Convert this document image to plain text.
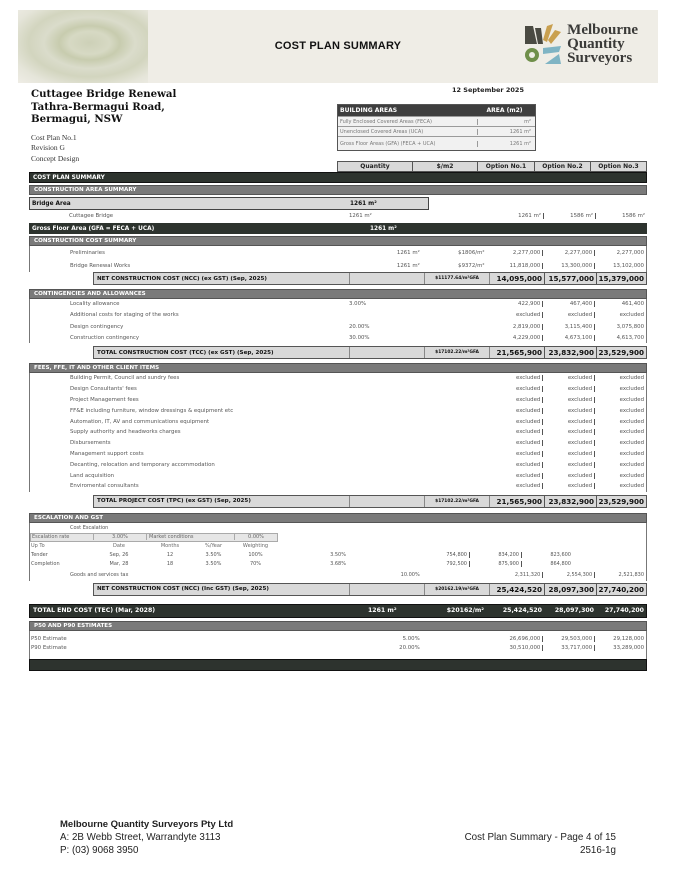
COST PLAN SUMMARY
Melbourne
Quantity
Surveyors
Cuttagee Bridge Renewal
Tathra-Bermagui Road,
Bermagui, NSW
Cost Plan No.1
Revision G
Concept Design
12 September 2025
BUILDING AREAS	AREA (m2)
Fully Enclosed Covered Areas (FECA)	m²
Unenclosed Covered Areas (UCA)	1261 m²
Gross Floor Areas (GFA) (FECA + UCA)	1261 m²
Quantity	$/m2	Option No.1	Option No.2	Option No.3
COST PLAN SUMMARY
CONSTRUCTION AREA SUMMARY
Bridge Area	1261 m²
Cuttagee Bridge	1261 m²	1261 m²	1586 m²	1586 m²
Gross Floor Area (GFA = FECA + UCA)	1261 m²
CONSTRUCTION COST SUMMARY
Preliminaries	1261 m²	$1806/m²	2,277,000	2,277,000	2,277,000
Bridge Renewal Works	1261 m²	$9372/m²	11,818,000	13,300,000	13,102,000
NET CONSTRUCTION COST (NCC) (ex GST) (Sep, 2025)	$11177.64/m²GFA	14,095,000 15,577,000 15,379,000
CONTINGENCIES AND ALLOWANCES
Locality allowance	3.00%	422,900	467,400	461,400
Additional costs for staging of the works	excluded	excluded	excluded
Design contingency	20.00%	2,819,000	3,115,400	3,075,800
Construction contingency	30.00%	4,229,000	4,673,100	4,613,700
TOTAL CONSTRUCTION COST (TCC) (ex GST) (Sep, 2025)	$17102.22/m²GFA	21,565,900 23,832,900 23,529,900
FEES, FFE, IT AND OTHER CLIENT ITEMS
Building Permit, Council and sundry fees	excluded	excluded	excluded
Design Consultants' fees	excluded	excluded	excluded
Project Management fees	excluded	excluded	excluded
FF&E including furniture, window dressings & equipment etc	excluded	excluded	excluded
Automation, IT, AV and communications equipment	excluded	excluded	excluded
Supply authority and headworks charges	excluded	excluded	excluded
Disbursements	excluded	excluded	excluded
Management support costs	excluded	excluded	excluded
Decanting, relocation and temporary accommodation	excluded	excluded	excluded
Land acquisition	excluded	excluded	excluded
Enviromental consultants	excluded	excluded	excluded
TOTAL PROJECT COST (TPC) (ex GST) (Sep, 2025)	$17102.22/m²GFA	21,565,900 23,832,900 23,529,900
ESCALATION AND GST
Cost Escalation
Escalation rate	3.00%	Market conditions	0.00%
Up To	Date	Months	%/Year	Weighting
Tender	Sep, 26	12	3.50%	100%	3.50%	754,800	834,200	823,600
Completion	Mar, 28	18	3.50%	70%	3.68%	792,500	875,900	864,800
Goods and services tax	10.00%	2,311,320	2,554,300	2,521,830
NET CONSTRUCTION COST (NCC) (Inc GST) (Sep, 2025)	$20162.19/m²GFA	25,424,520 28,097,300 27,740,200
TOTAL END COST (TEC) (Mar, 2028)	1261 m²	$20162/m²	25,424,520	28,097,300	27,740,200
P50 AND P90 ESTIMATES
P50 Estimate	5.00%	26,696,000	29,503,000	29,128,000
P90 Estimate	20.00%	30,510,000	33,717,000	33,289,000
Melbourne Quantity Surveyors Pty Ltd
A: 2B Webb Street, Warrandyte 3113
P: (03) 9068 3950
Cost Plan Summary - Page 4 of 15
2516-1g
